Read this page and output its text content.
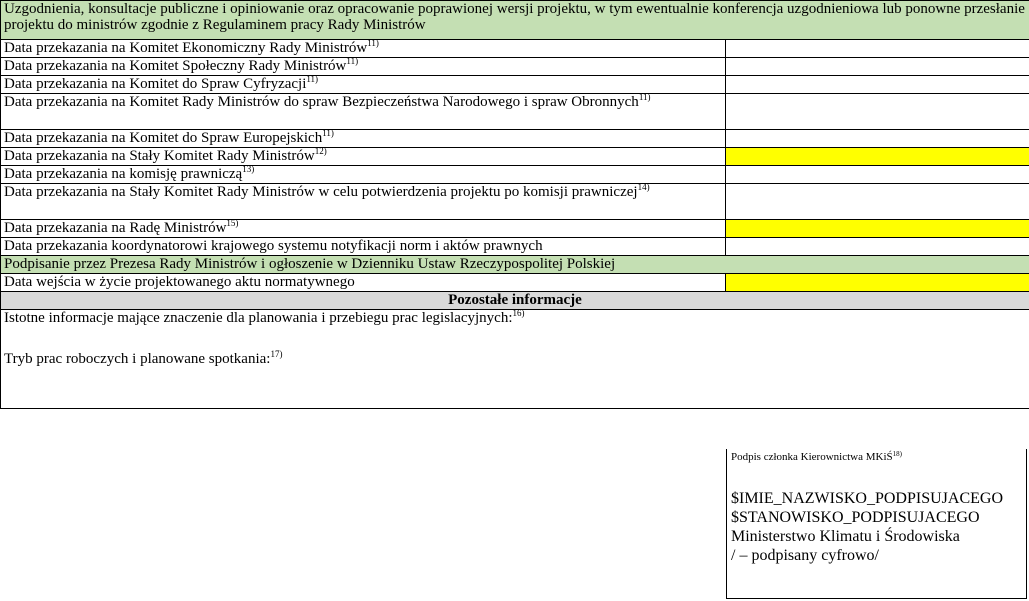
Uzgodnienia, konsultacje publiczne i opiniowanie oraz opracowanie poprawionej wersji projektu, w tym ewentualnie konferencja uzgodnieniowa lub ponowne przesłanie projektu do ministrów zgodnie z Regulaminem pracy Rady Ministrów	
Data przekazania na Komitet Ekonomiczny Rady Ministrów$^{11)}$	
Data przekazania na Komitet Społeczny Rady Ministrów$^{11)}$	
Data przekazania na Komitet do Spraw Cyfryzacji$^{11)}$	
Data przekazania na Komitet Rady Ministrów do spraw Bezpieczeństwa Narodowego i spraw Obronnych$^{11)}$	
Data przekazania na Komitet do Spraw Europejskich$^{11)}$	
Data przekazania na Stały Komitet Rady Ministrów$^{12)}$	
Data przekazania na komisję prawniczą$^{13)}$	
Data przekazania na Stały Komitet Rady Ministrów w celu potwierdzenia projektu po komisji prawniczej$^{14)}$	
Data przekazania na Radę Ministrów$^{15)}$	
Data przekazania koordynatorowi krajowego systemu notyfikacji norm i aktów prawnych	
Podpisanie przez Prezesa Rady Ministrów i ogłoszenie w Dzienniku Ustaw Rzeczypospolitej Polskiej	
Data wejścia w życie projektowanego aktu normatywnego	
Pozostałe informacje	

Istotne informacje mające znaczenie dla planowania i przebiegu prac legislacyjnych:$^{16)}$
Tryb prac roboczych i planowane spotkania:$^{17)}$
Podpis członka Kierownictwa MKiŚ$^{18)}$
$IMIE_NAZWISKO_PODPISUJACEGO
$STANOWISKO_PODPISUJACEGO
Ministerstwo Klimatu i Środowiska
/ – podpisany cyfrowo/
